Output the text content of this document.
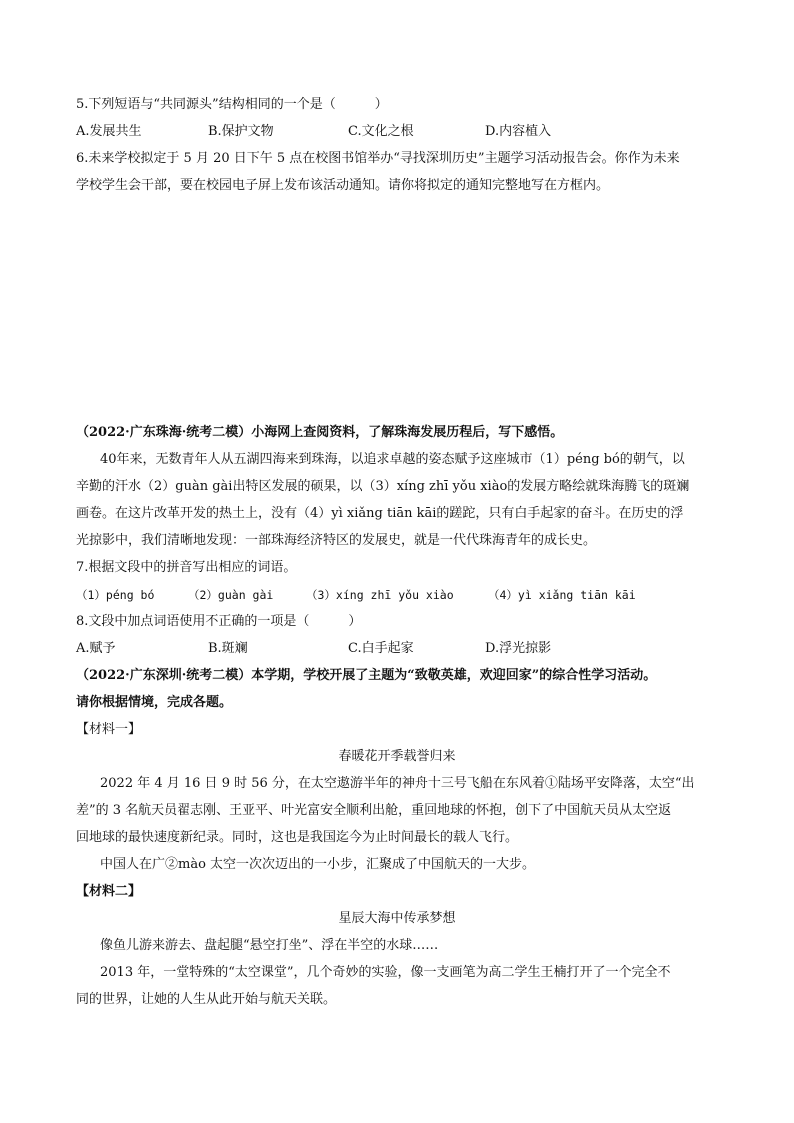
5.下列短语与“共同源头”结构相同的一个是（　　　）
A.发展共生	B.保护文物	C.文化之根	D.内容植入
6.未来学校拟定于 5 月 20 日下午 5 点在校图书馆举办“寻找深圳历史”主题学习活动报告会。你作为未来
学校学生会干部，要在校园电子屏上发布该活动通知。请你将拟定的通知完整地写在方框内。
（2022·广东珠海·统考二模）小海网上查阅资料，了解珠海发展历程后，写下感悟。
40年来，无数青年人从五湖四海来到珠海，以追求卓越的姿态赋予这座城市（1）péng bó的朝气，以
辛勤的汗水（2）guàn gài出特区发展的硕果，以（3）xíng zhī yǒu xiào的发展方略绘就珠海腾飞的斑斓
画卷。在这片改革开发的热土上，没有（4）yì xiǎng tiān kāi的蹉跎，只有白手起家的奋斗。在历史的浮
光掠影中，我们清晰地发现：一部珠海经济特区的发展史，就是一代代珠海青年的成长史。
7.根据文段中的拼音写出相应的词语。
（1）péng bó	（2）guàn gài	（3）xíng zhī yǒu xiào	（4）yì xiǎng tiān kāi
8.文段中加点词语使用不正确的一项是（　　　）
A.赋予	B.斑斓	C.白手起家	D.浮光掠影
（2022·广东深圳·统考二模）本学期，学校开展了主题为“致敬英雄，欢迎回家”的综合性学习活动。
请你根据情境，完成各题。
【材料一】
春暖花开季载誉归来
2022 年 4 月 16 日 9 时 56 分，在太空遨游半年的神舟十三号飞船在东风着①陆场平安降落，太空“出
差”的 3 名航天员翟志刚、王亚平、叶光富安全顺利出舱，重回地球的怀抱，创下了中国航天员从太空返
回地球的最快速度新纪录。同时，这也是我国迄今为止时间最长的载人飞行。
中国人在广②mào 太空一次次迈出的一小步，汇聚成了中国航天的一大步。
【材料二】
星辰大海中传承梦想
像鱼儿游来游去、盘起腿“悬空打坐”、浮在半空的水球……
2013 年，一堂特殊的“太空课堂”，几个奇妙的实验，像一支画笔为高二学生王楠打开了一个完全不
同的世界，让她的人生从此开始与航天关联。
